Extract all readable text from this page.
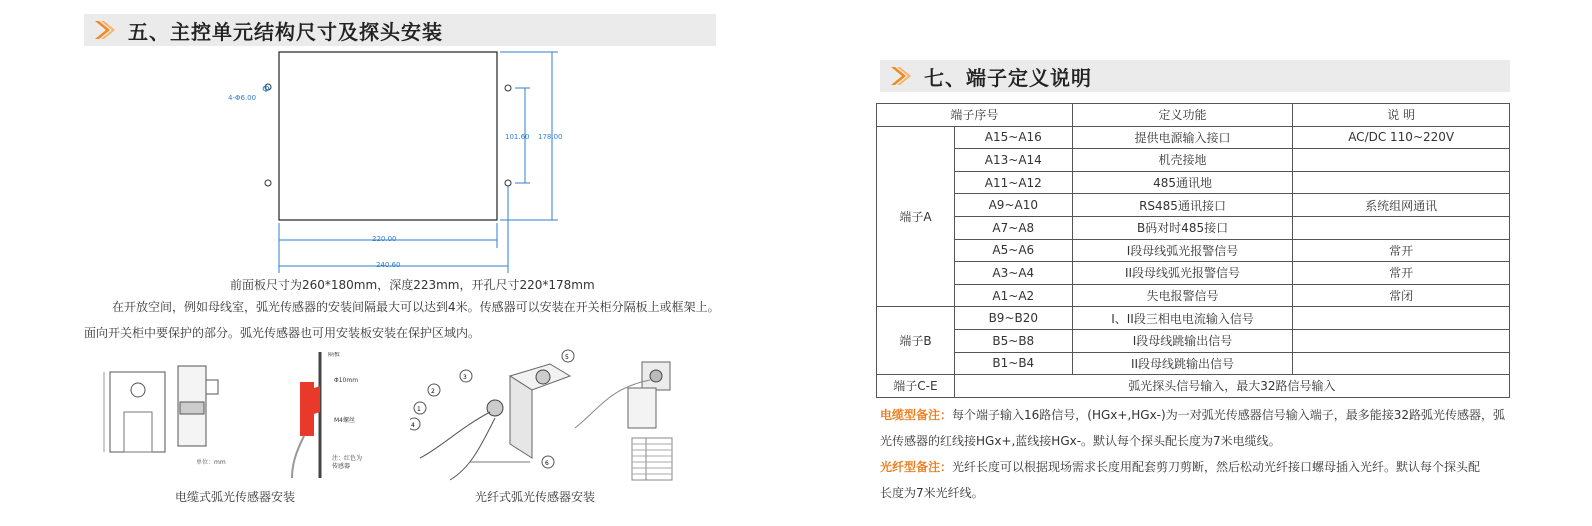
五、主控单元结构尺寸及探头安装
4-Φ6.00
Φ
101.60 178.00
220.00
240.60
前面板尺寸为260*180mm，深度223mm，开孔尺寸220*178mm
在开放空间，例如母线室，弧光传感器的安装间隔最大可以达到4米。传感器可以安装在开关柜分隔板上或框架上。
面向开关柜中要保护的部分。弧光传感器也可用安装板安装在保护区域内。
单位：mm
隔板
Φ10mm
M4螺丝
注：红色为
传感器
电缆式弧光传感器安装
5
3
2
1
4
6
光纤式弧光传感器安装
七、端子定义说明
端子序号		定义功能	说 明
端子A	A15~A16	提供电源输入接口	AC/DC 110~220V
	A13~A14	机壳接地	
	A11~A12	485通讯地	
	A9~A10	RS485通讯接口	系统组网通讯
	A7~A8	B码对时485接口	
	A5~A6	I段母线弧光报警信号	常开
	A3~A4	II段母线弧光报警信号	常开
	A1~A2	失电报警信号	常闭
端子B	B9~B20	I、II段三相电电流输入信号	
	B5~B8	I段母线跳输出信号	
	B1~B4	II段母线跳输出信号	
端子C-E	弧光探头信号输入，最大32路信号输入		
电缆型备注：每个端子输入16路信号，(HGx+,HGx-)为一对弧光传感器信号输入端子，最多能接32路弧光传感器，弧
光传感器的红线接HGx+,蓝线接HGx-。默认每个探头配长度为7米电缆线。
光纤型备注：光纤长度可以根据现场需求长度用配套剪刀剪断，然后松动光纤接口螺母插入光纤。默认每个探头配
长度为7米光纤线。
